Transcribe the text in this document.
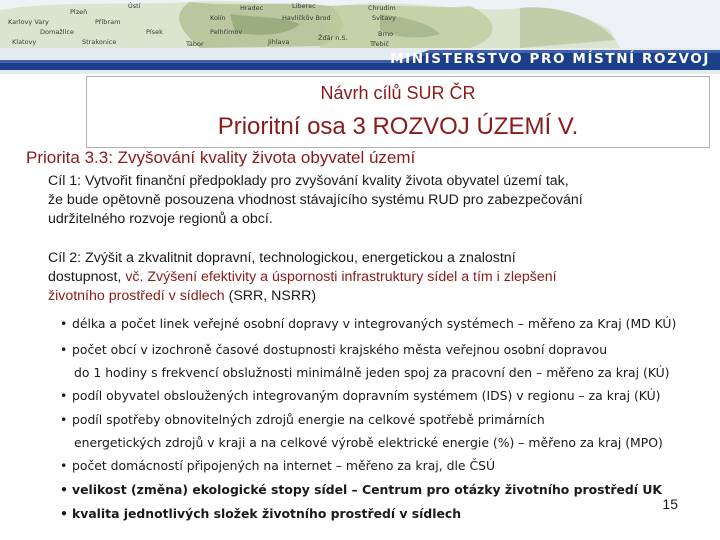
Plzeň
Ústí	Liberec	Chrudim
Karlovy Vary	Příbram	Kolín	Havlíčkův Brod	Svitavy
Jihlava	Žďár n.S.
Pelhřimov
Tábor
Písek
Klatovy	Strakonice
Brno
Domažlice
Třebíč
Hradec
MINISTERSTVO PRO MÍSTNÍ ROZVOJ
Návrh cílů SUR ČR
Prioritní osa 3 ROZVOJ ÚZEMÍ V.
Priorita 3.3: Zvyšování kvality života obyvatel území
Cíl 1: Vytvořit finanční předpoklady pro zvyšování kvality života obyvatel území tak,
že bude opětovně posouzena vhodnost stávajícího systému RUD pro zabezpečování
udržitelného rozvoje regionů a obcí.
Cíl 2: Zvýšit a zkvalitnit dopravní, technologickou, energetickou a znalostní
dostupnost, vč. Zvýšení efektivity a úspornosti infrastruktury sídel a tím i zlepšení
životního prostředí v sídlech (SRR, NSRR)
• délka a počet linek veřejné osobní dopravy v integrovaných systémech – měřeno za Kraj (MD KÚ)
• počet obcí v izochroně časové dostupnosti krajského města veřejnou osobní dopravou
do 1 hodiny s frekvencí obslužnosti minimálně jeden spoj za pracovní den – měřeno za kraj (KÚ)
• podíl obyvatel obsloužených integrovaným dopravním systémem (IDS) v regionu – za kraj (KÚ)
• podíl spotřeby obnovitelných zdrojů energie na celkové spotřebě primárních
energetických zdrojů v kraji a na celkové výrobě elektrické energie (%) – měřeno za kraj (MPO)
• počet domácností připojených na internet – měřeno za kraj, dle ČSÚ
• velikost (změna) ekologické stopy sídel – Centrum pro otázky životního prostředí UK
• kvalita jednotlivých složek životního prostředí v sídlech
15
